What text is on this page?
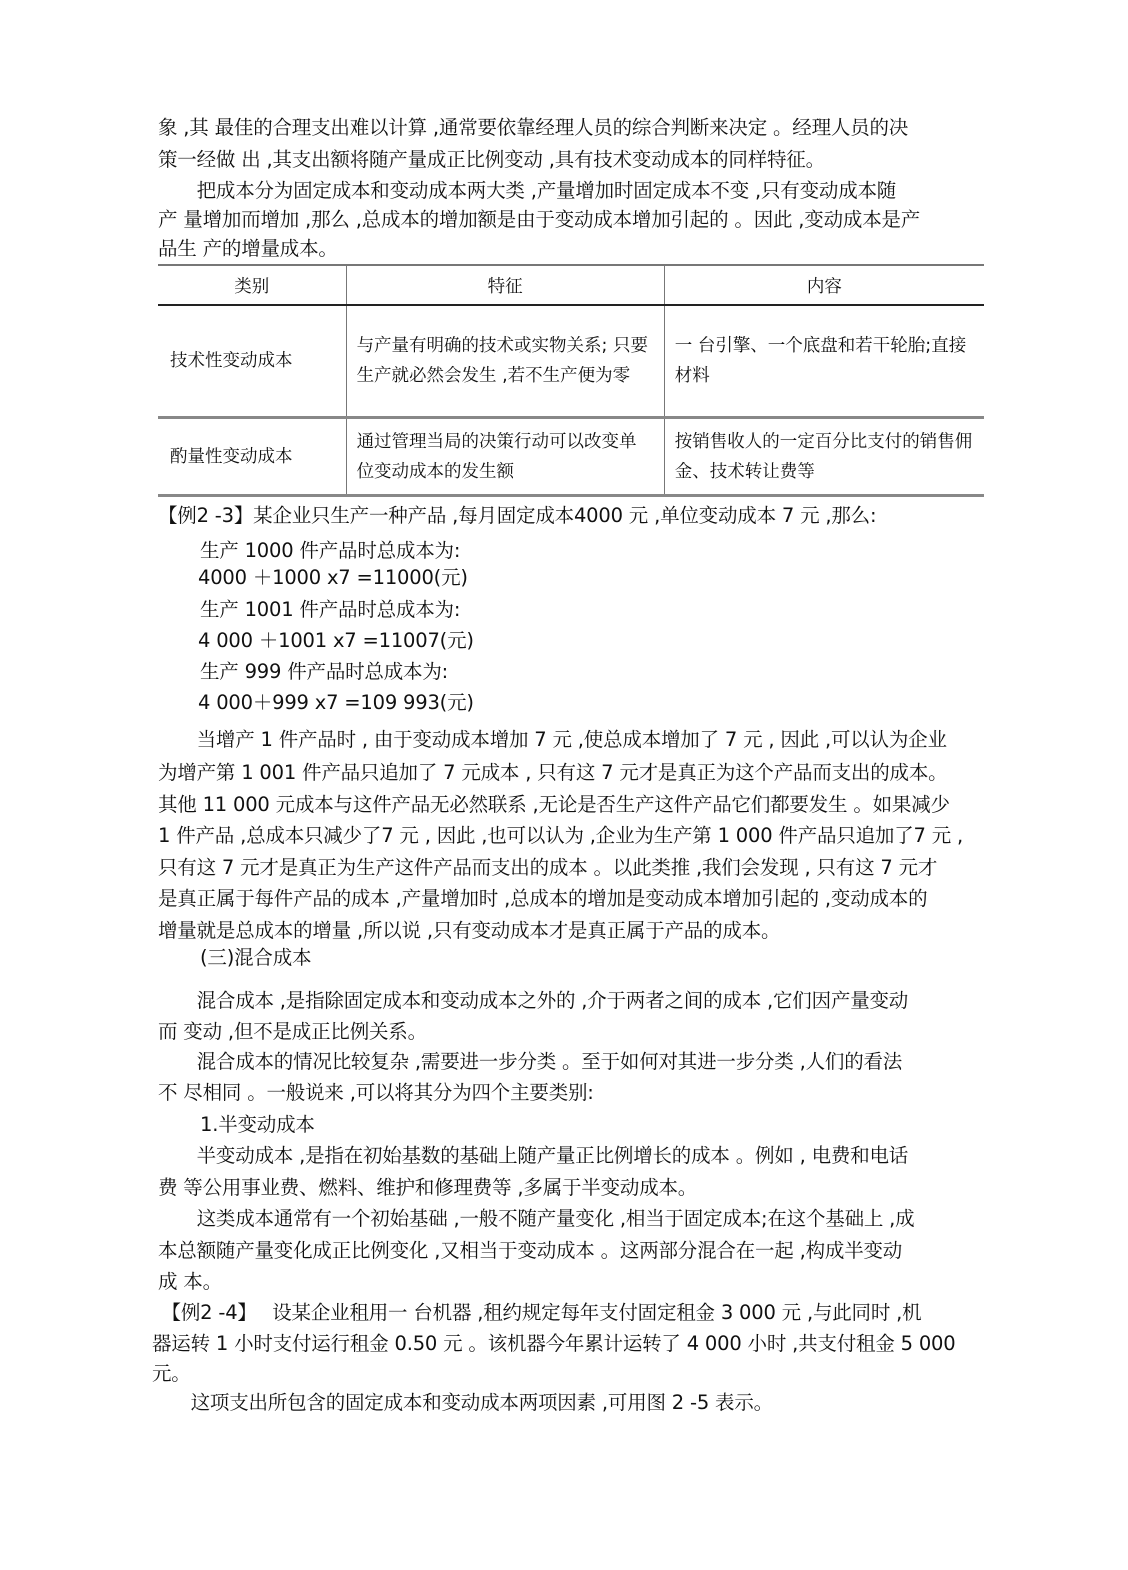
象 ,其 最佳的合理支出难以计算 ,通常要依靠经理人员的综合判断来决定 。经理人员的决
策一经做 出 ,其支出额将随产量成正比例变动 ,具有技术变动成本的同样特征。
　　把成本分为固定成本和变动成本两大类 ,产量增加时固定成本不变 ,只有变动成本随
产 量增加而增加 ,那么 ,总成本的增加额是由于变动成本增加引起的 。因此 ,变动成本是产
品生 产的增量成本。
类别	特征	内容
技术性变动成本	与产量有明确的技术或实物关系; 只要生产就必然会发生 ,若不生产便为零	一 台引擎、一个底盘和若干轮胎;直接材料
酌量性变动成本	通过管理当局的决策行动可以改变单位变动成本的发生额	按销售收人的一定百分比支付的销售佣金、技术转让费等
【例2 -3】某企业只生产一种产品 ,每月固定成本4000 元 ,单位变动成本 7 元 ,那么:
生产 1000 件产品时总成本为:
4000 ＋1000 x7 =11000(元)
生产 1001 件产品时总成本为:
4 000 ＋1001 x7 =11007(元)
生产 999 件产品时总成本为:
4 000＋999 x7 =109 993(元)
　　当增产 1 件产品时 , 由于变动成本增加 7 元 ,使总成本增加了 7 元 , 因此 ,可以认为企业
为增产第 1 001 件产品只追加了 7 元成本 , 只有这 7 元才是真正为这个产品而支出的成本。
其他 11 000 元成本与这件产品无必然联系 ,无论是否生产这件产品它们都要发生 。如果减少
1 件产品 ,总成本只减少了7 元 , 因此 ,也可以认为 ,企业为生产第 1 000 件产品只追加了7 元 ,
只有这 7 元才是真正为生产这件产品而支出的成本 。以此类推 ,我们会发现 , 只有这 7 元才
是真正属于每件产品的成本 ,产量增加时 ,总成本的增加是变动成本增加引起的 ,变动成本的
增量就是总成本的增量 ,所以说 ,只有变动成本才是真正属于产品的成本。
(三)混合成本
　　混合成本 ,是指除固定成本和变动成本之外的 ,介于两者之间的成本 ,它们因产量变动
而 变动 ,但不是成正比例关系。
　　混合成本的情况比较复杂 ,需要进一步分类 。至于如何对其进一步分类 ,人们的看法
不 尽相同 。一般说来 ,可以将其分为四个主要类别:
1.半变动成本
　　半变动成本 ,是指在初始基数的基础上随产量正比例增长的成本 。例如 , 电费和电话
费 等公用事业费、燃料、维护和修理费等 ,多属于半变动成本。
　　这类成本通常有一个初始基础 ,一般不随产量变化 ,相当于固定成本;在这个基础上 ,成
本总额随产量变化成正比例变化 ,又相当于变动成本 。这两部分混合在一起 ,构成半变动
成 本。
　【例2 -4】　 设某企业租用一 台机器 ,租约规定每年支付固定租金 3 000 元 ,与此同时 ,机
器运转 1 小时支付运行租金 0.50 元 。该机器今年累计运转了 4 000 小时 ,共支付租金 5 000
元。
　　这项支出所包含的固定成本和变动成本两项因素 ,可用图 2 -5 表示。
